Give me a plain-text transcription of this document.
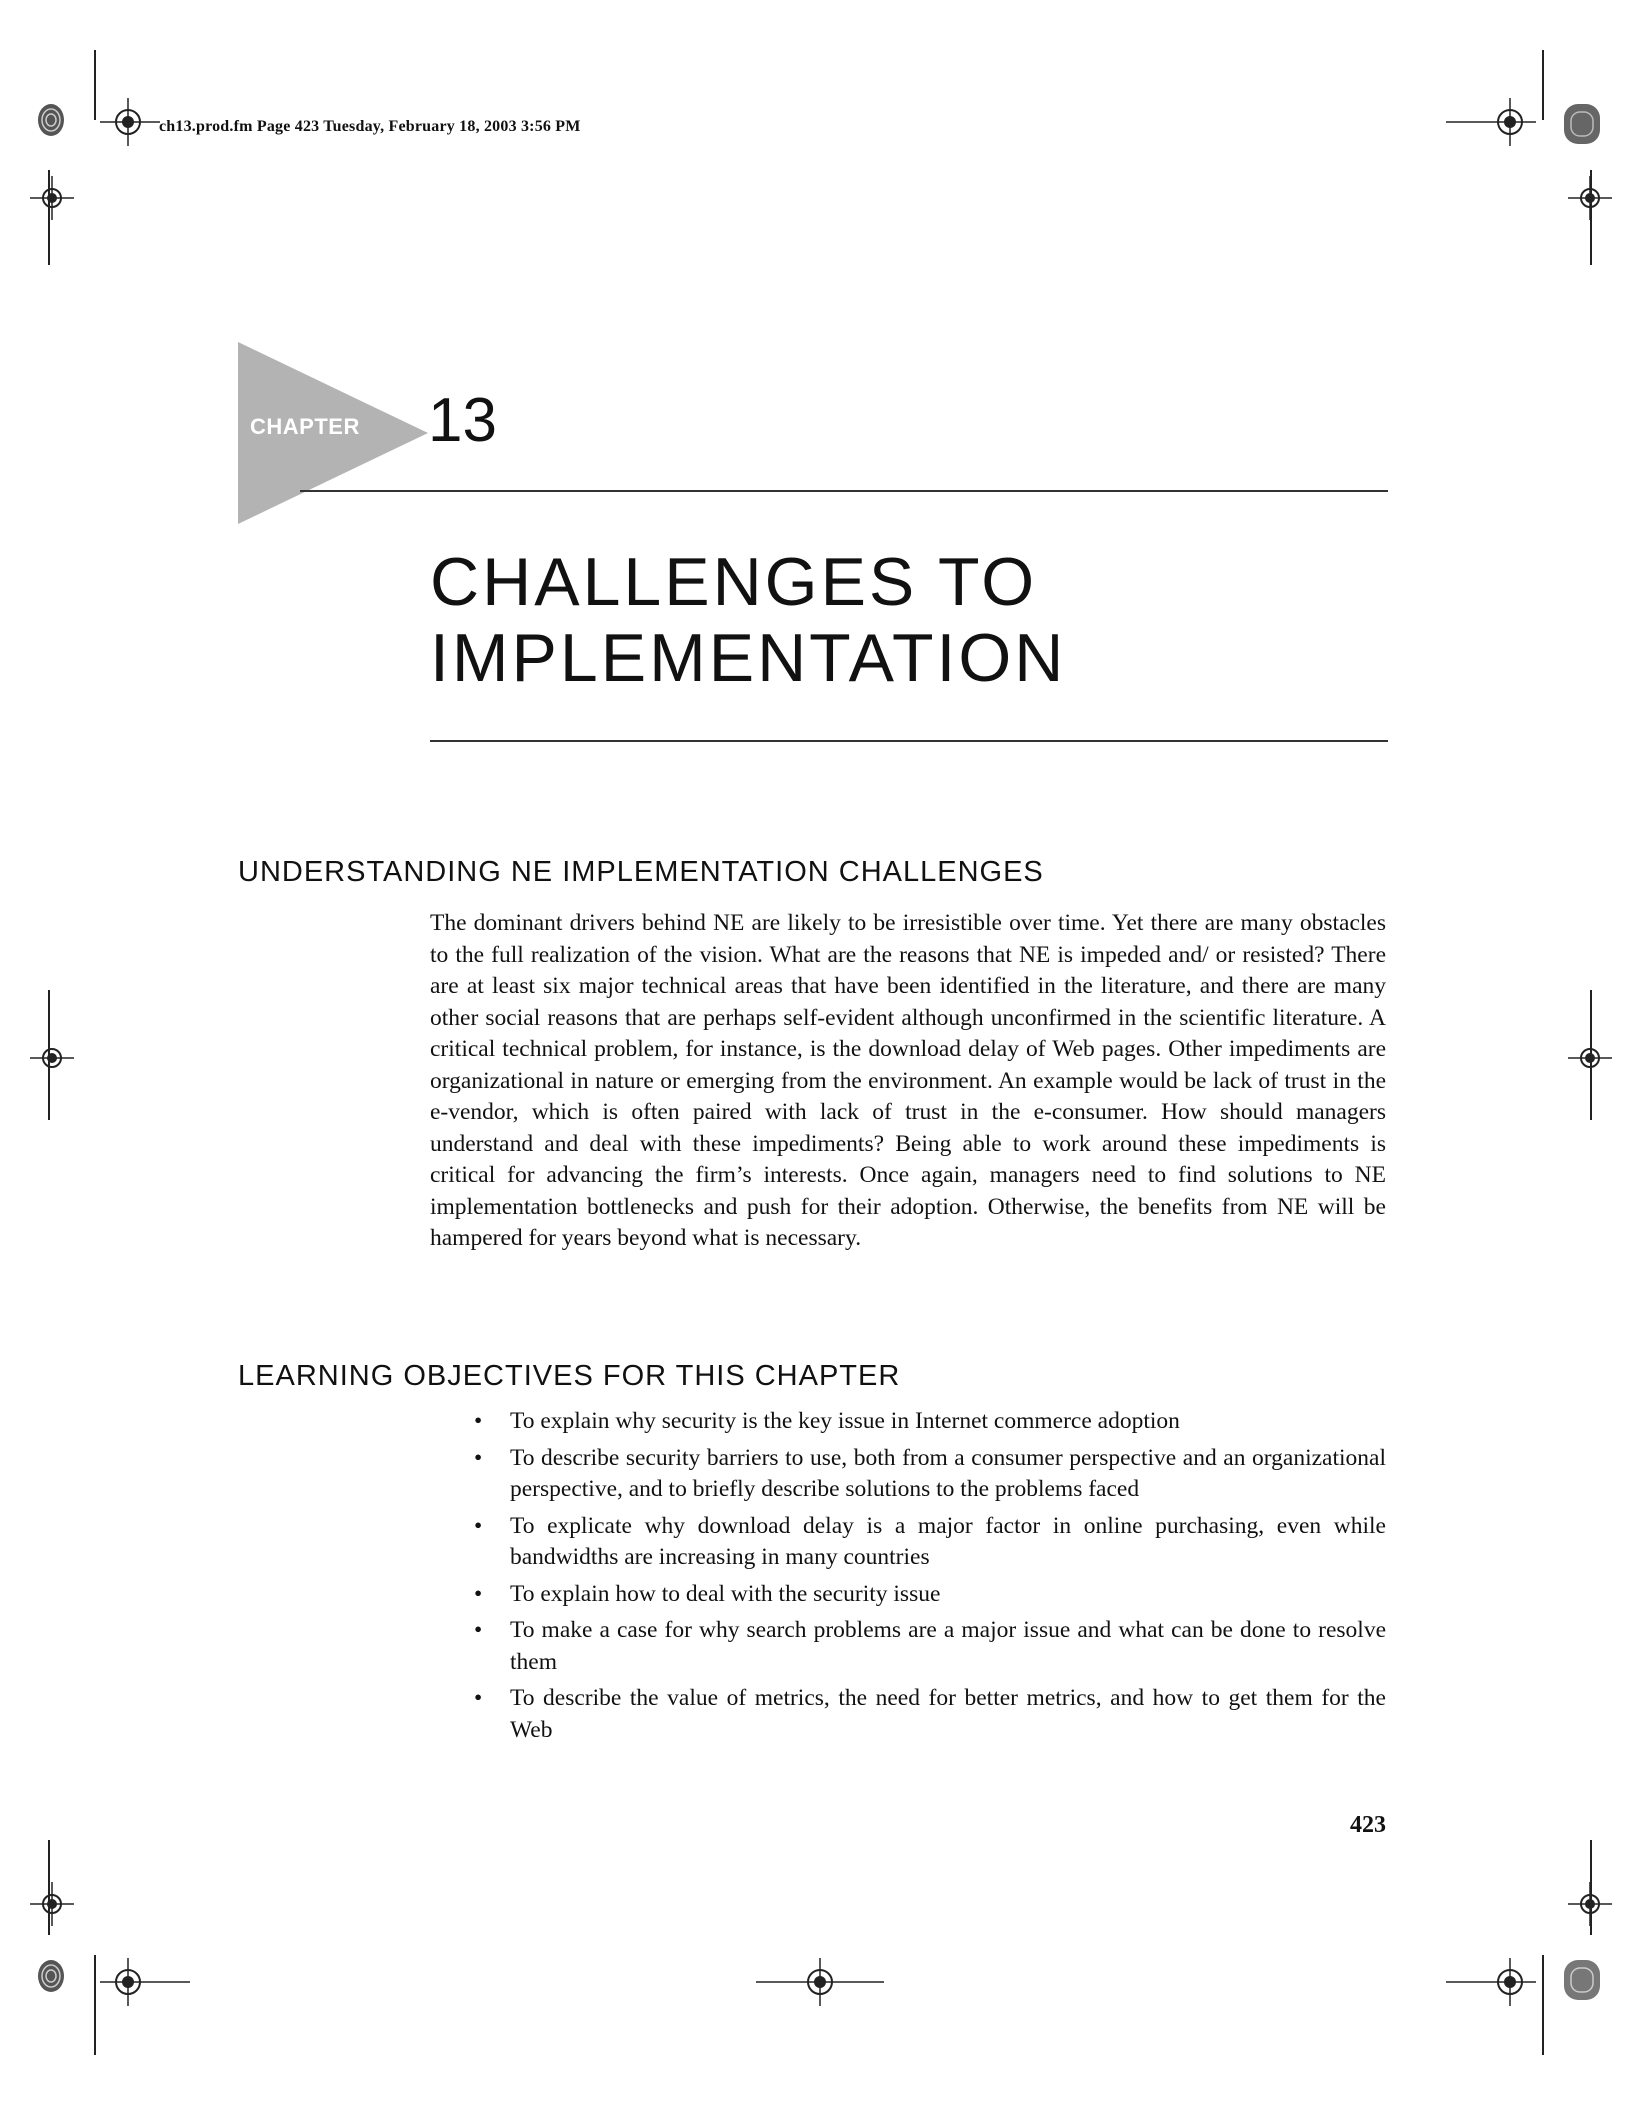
ch13.prod.fm Page 423 Tuesday, February 18, 2003 3:56 PM
CHAPTER 13
CHALLENGES TO
IMPLEMENTATION
UNDERSTANDING NE IMPLEMENTATION CHALLENGES
The dominant drivers behind NE are likely to be irresistible over time. Yet there are many obstacles to the full realization of the vision. What are the reasons that NE is impeded and/ or resisted? There are at least six major technical areas that have been identified in the literature, and there are many other social reasons that are perhaps self-evident although unconfirmed in the scientific literature. A critical technical problem, for instance, is the download delay of Web pages. Other impediments are organizational in nature or emerging from the environment. An example would be lack of trust in the e-vendor, which is often paired with lack of trust in the e-consumer. How should managers understand and deal with these impediments? Being able to work around these impediments is critical for advancing the firm’s interests. Once again, managers need to find solutions to NE implementation bottlenecks and push for their adoption. Otherwise, the benefits from NE will be hampered for years beyond what is necessary.
LEARNING OBJECTIVES FOR THIS CHAPTER
•	To explain why security is the key issue in Internet commerce adoption
•	To describe security barriers to use, both from a consumer perspective and an organizational perspective, and to briefly describe solutions to the problems faced
•	To explicate why download delay is a major factor in online purchasing, even while bandwidths are increasing in many countries
•	To explain how to deal with the security issue
•	To make a case for why search problems are a major issue and what can be done to resolve them
•	To describe the value of metrics, the need for better metrics, and how to get them for the Web
423
